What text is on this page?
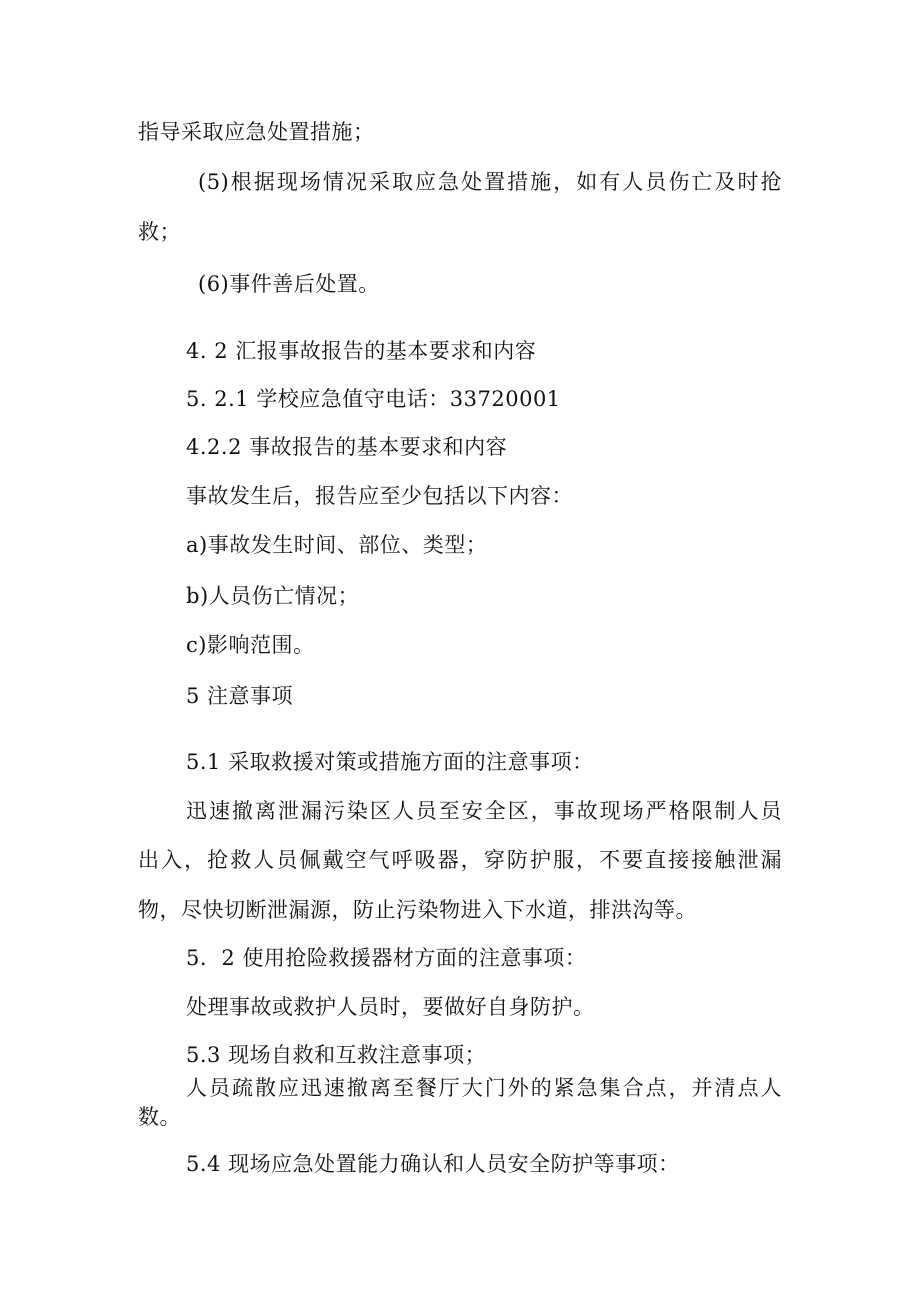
指导采取应急处置措施；
(5)根据现场情况采取应急处置措施，如有人员伤亡及时抢
救；
(6)事件善后处置。
4. 2 汇报事故报告的基本要求和内容
5. 2.1 学校应急值守电话：33720001
4.2.2 事故报告的基本要求和内容
事故发生后，报告应至少包括以下内容：
a)事故发生时间、部位、类型；
b)人员伤亡情况；
c)影响范围。
5 注意事项
5.1 采取救援对策或措施方面的注意事项：
迅速撤离泄漏污染区人员至安全区，事故现场严格限制人员
出入，抢救人员佩戴空气呼吸器，穿防护服，不要直接接触泄漏
物，尽快切断泄漏源，防止污染物进入下水道，排洪沟等。
5．2 使用抢险救援器材方面的注意事项：
处理事故或救护人员时，要做好自身防护。
5.3 现场自救和互救注意事项；
人员疏散应迅速撤离至餐厅大门外的紧急集合点，并清点人
数。
5.4 现场应急处置能力确认和人员安全防护等事项：
